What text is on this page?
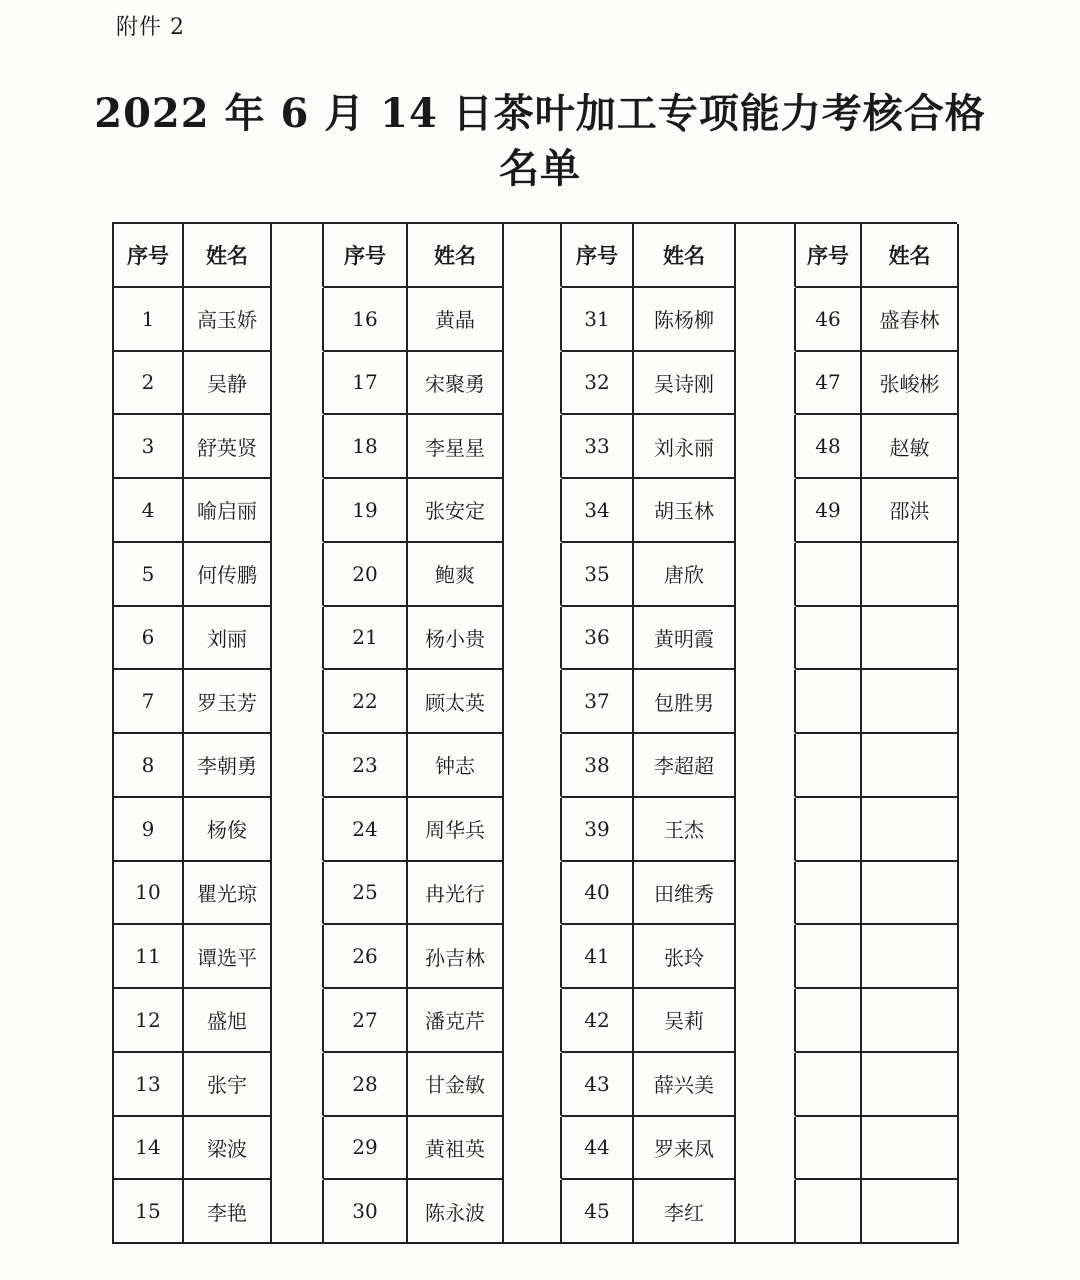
附件 2
2022 年 6 月 14 日茶叶加工专项能力考核合格
名单
序号	姓名	序号	姓名	序号	姓名	序号	姓名
1	高玉娇	16	黄晶	31	陈杨柳	46	盛春林
2	吴静	17	宋聚勇	32	吴诗刚	47	张峻彬
3	舒英贤	18	李星星	33	刘永丽	48	赵敏
4	喻启丽	19	张安定	34	胡玉林	49	邵洪
5	何传鹏	20	鲍爽	35	唐欣
6	刘丽	21	杨小贵	36	黄明霞
7	罗玉芳	22	顾太英	37	包胜男
8	李朝勇	23	钟志	38	李超超
9	杨俊	24	周华兵	39	王杰
10	瞿光琼	25	冉光行	40	田维秀
11	谭选平	26	孙吉林	41	张玲
12	盛旭	27	潘克芹	42	吴莉
13	张宇	28	甘金敏	43	薛兴美
14	梁波	29	黄祖英	44	罗来凤
15	李艳	30	陈永波	45	李红
